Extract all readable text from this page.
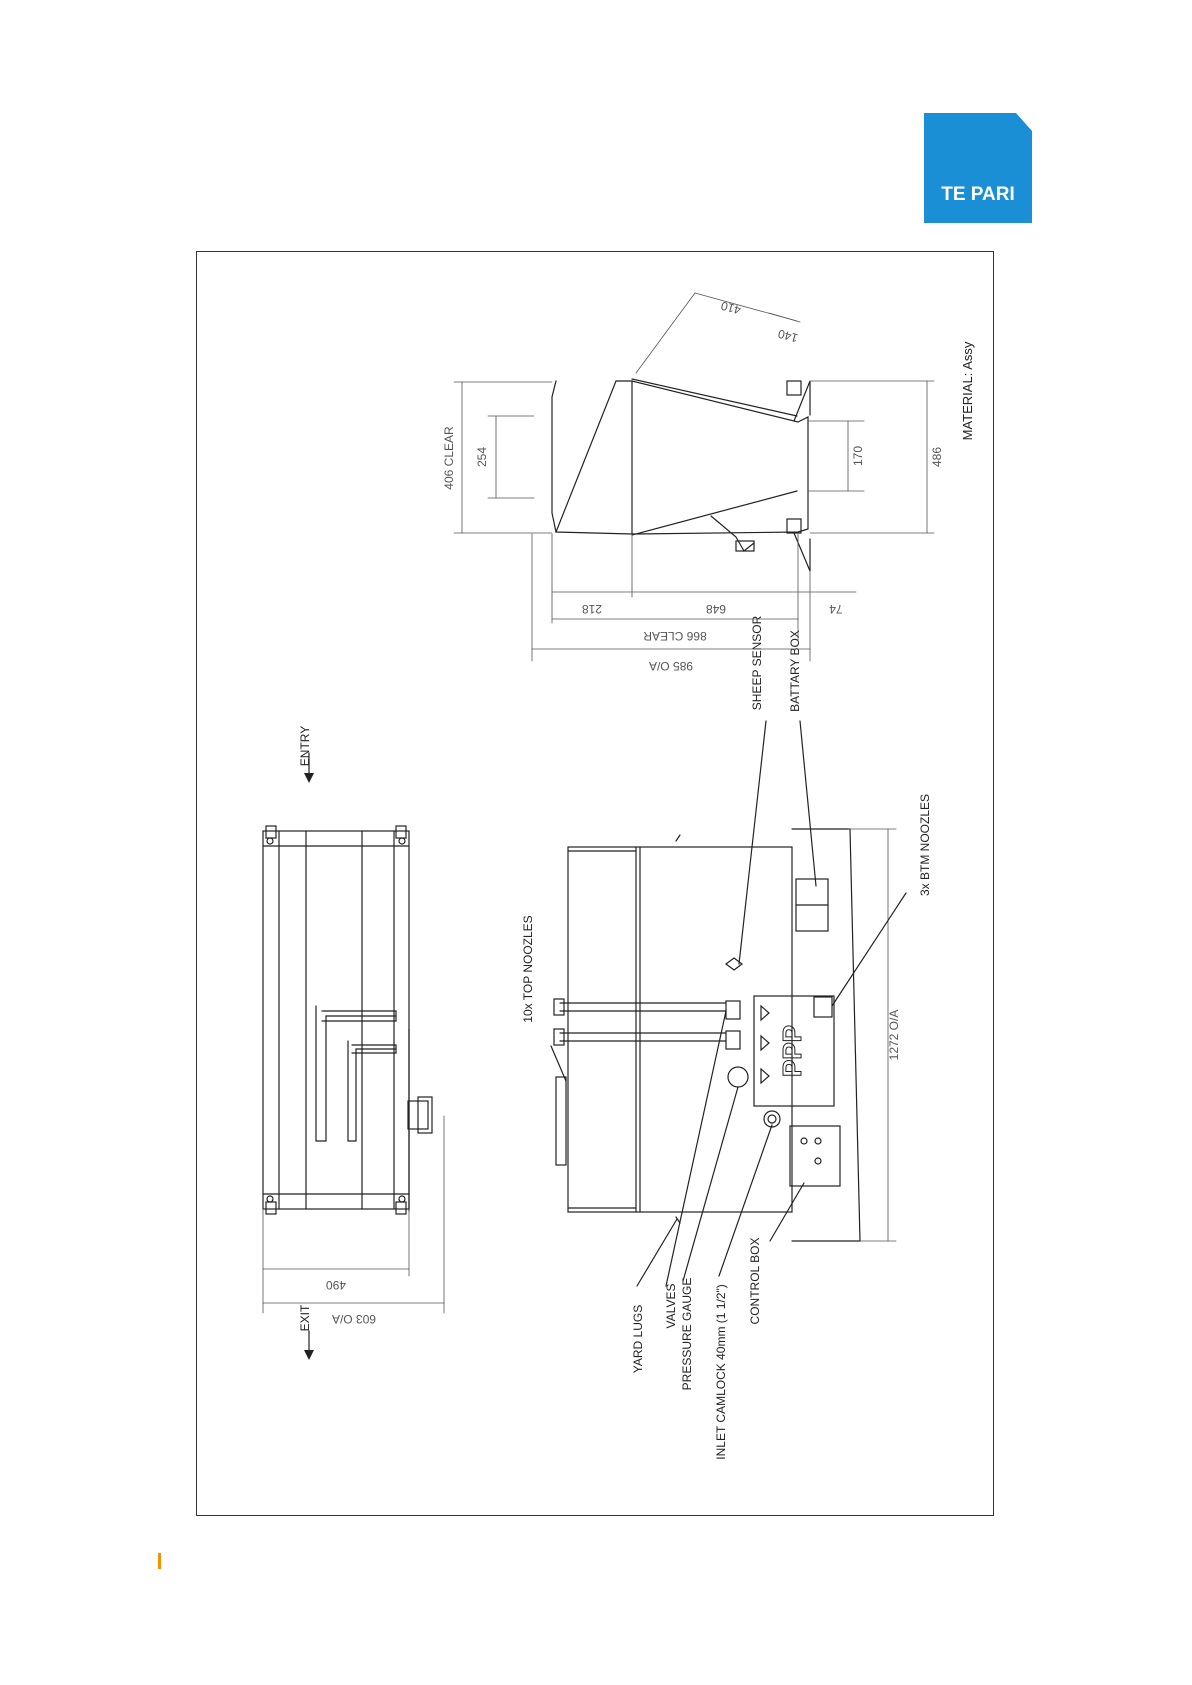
TE PARI
490
603 O/A
ENTRY
EXIT
PPP	1272 O/A
10x TOP NOOZLES
SHEEP SENSOR BATTARY BOX
3x BTM NOOZLES
YARD LUGS VALVES PRESSURE GAUGE INLET CAMLOCK 40mm (1 1/2")
CONTROL BOX
410
140
406 CLEAR 254	170	486
218	648	74
866 CLEAR
985 O/A
MATERIAL: Assy
